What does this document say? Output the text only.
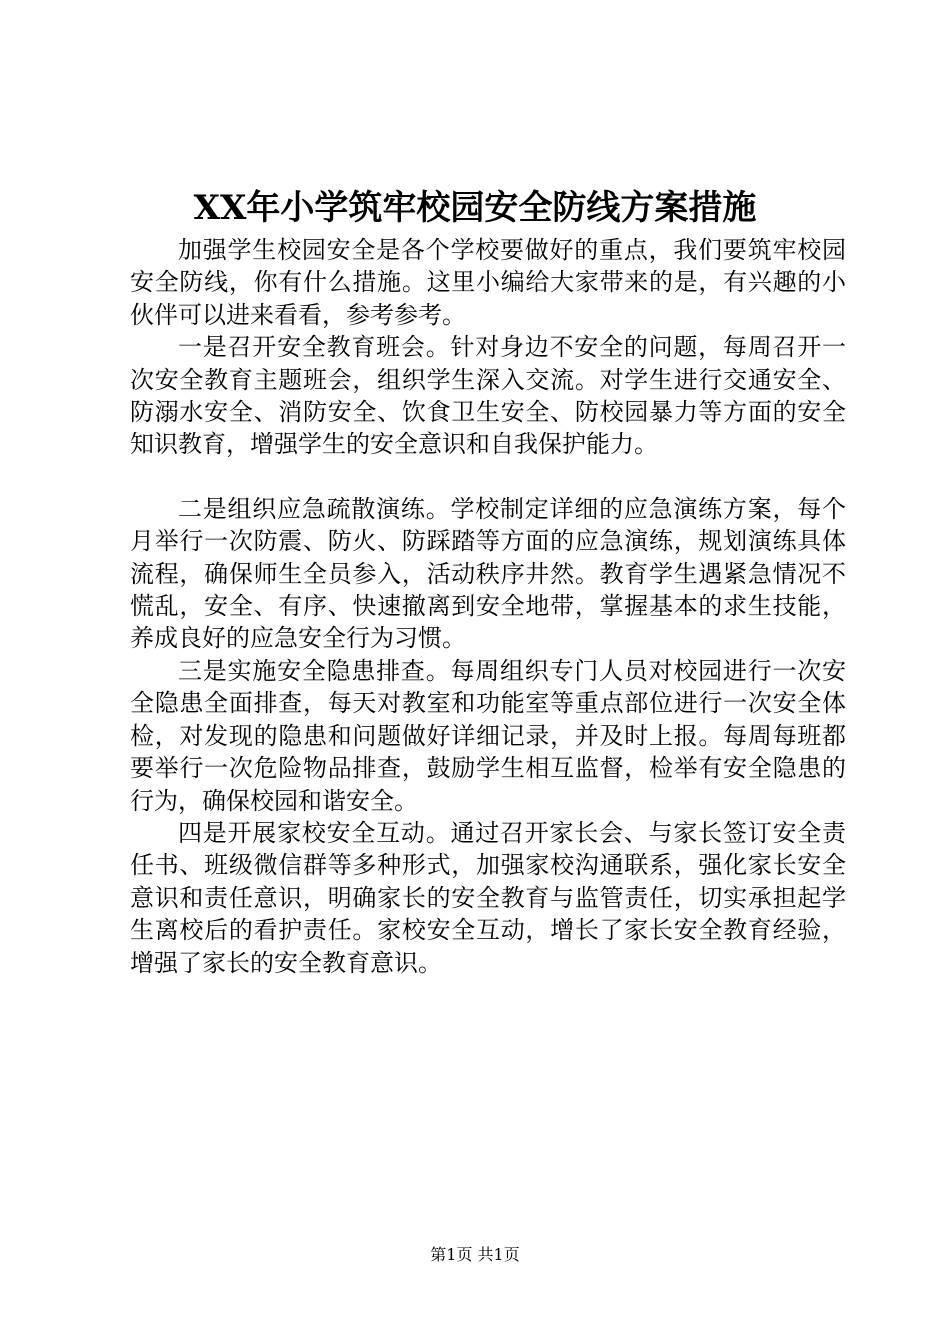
XX年小学筑牢校园安全防线方案措施

加强学生校园安全是各个学校要做好的重点，我们要筑牢校园安全防线，你有什么措施。这里小编给大家带来的是，有兴趣的小伙伴可以进来看看，参考参考。

一是召开安全教育班会。针对身边不安全的问题，每周召开一次安全教育主题班会，组织学生深入交流。对学生进行交通安全、防溺水安全、消防安全、饮食卫生安全、防校园暴力等方面的安全知识教育，增强学生的安全意识和自我保护能力。

二是组织应急疏散演练。学校制定详细的应急演练方案，每个月举行一次防震、防火、防踩踏等方面的应急演练，规划演练具体流程，确保师生全员参入，活动秩序井然。教育学生遇紧急情况不慌乱，安全、有序、快速撤离到安全地带，掌握基本的求生技能，养成良好的应急安全行为习惯。

三是实施安全隐患排查。每周组织专门人员对校园进行一次安全隐患全面排查，每天对教室和功能室等重点部位进行一次安全体检，对发现的隐患和问题做好详细记录，并及时上报。每周每班都要举行一次危险物品排查，鼓励学生相互监督，检举有安全隐患的行为，确保校园和谐安全。

四是开展家校安全互动。通过召开家长会、与家长签订安全责任书、班级微信群等多种形式，加强家校沟通联系，强化家长安全意识和责任意识，明确家长的安全教育与监管责任，切实承担起学生离校后的看护责任。家校安全互动，增长了家长安全教育经验，增强了家长的安全教育意识。

第1页 共1页
